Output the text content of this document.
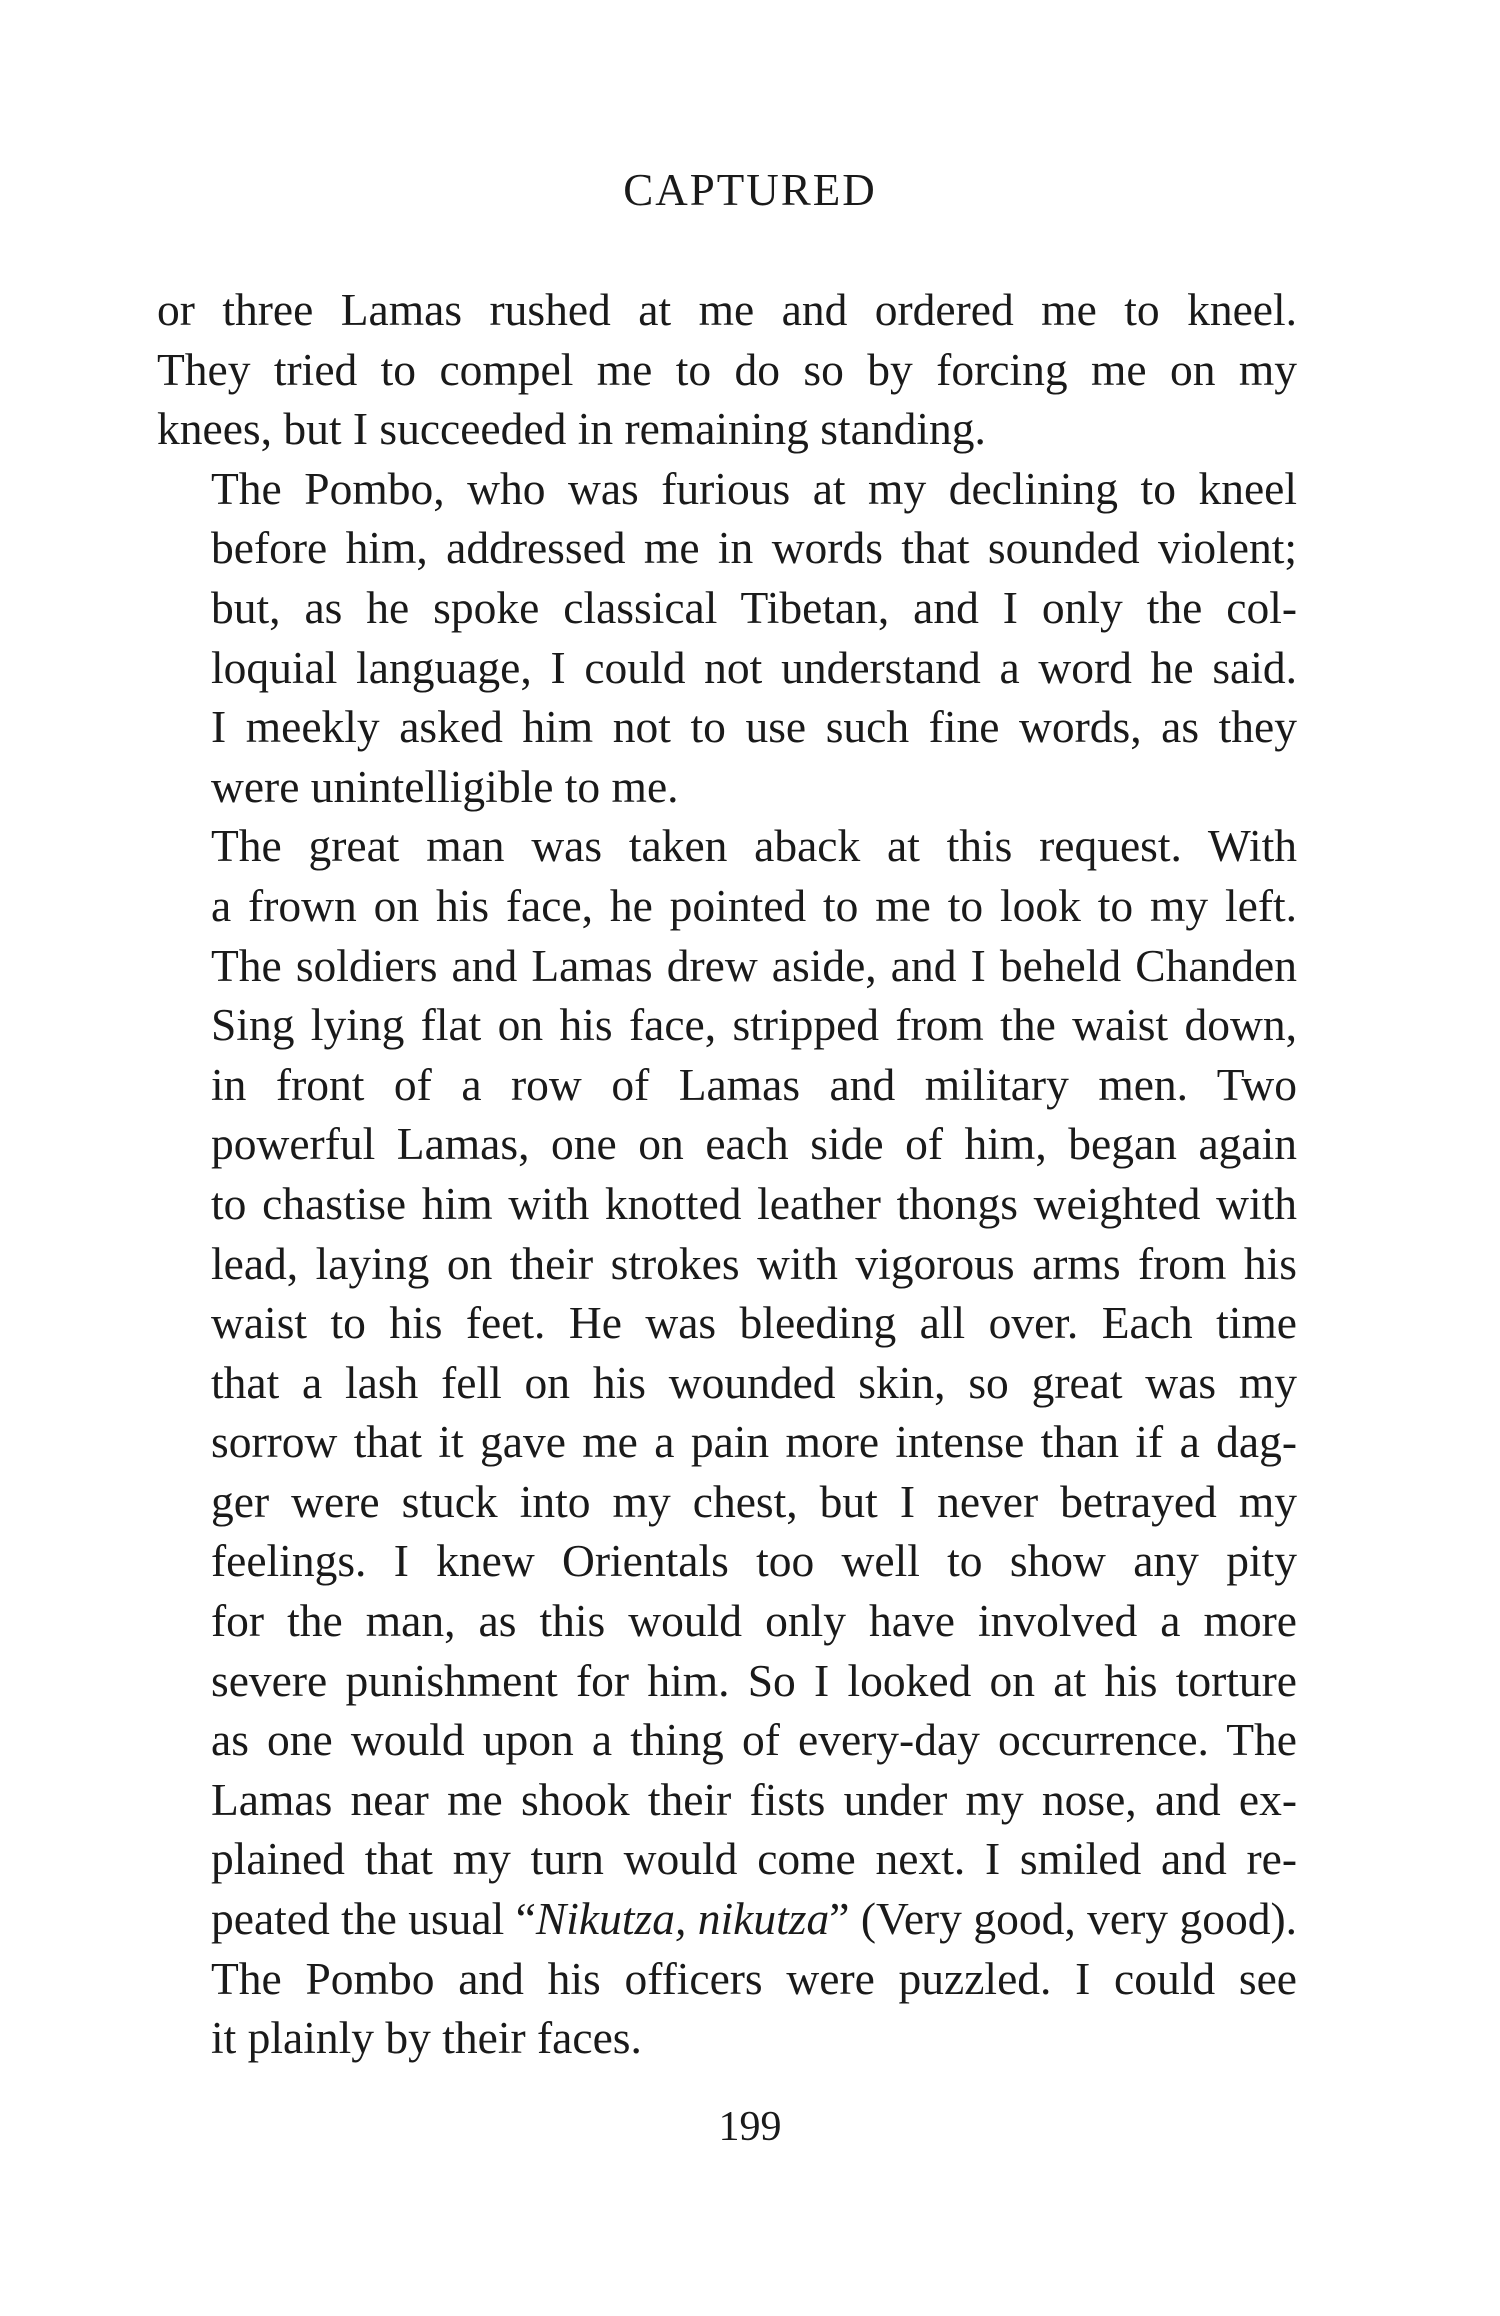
CAPTURED

or three Lamas rushed at me and ordered me to kneel.
They tried to compel me to do so by forcing me on my
knees, but I succeeded in remaining standing.

The Pombo, who was furious at my declining to kneel
before him, addressed me in words that sounded violent;
but, as he spoke classical Tibetan, and I only the col-
loquial language, I could not understand a word he said.
I meekly asked him not to use such fine words, as they
were unintelligible to me.

The great man was taken aback at this request. With
a frown on his face, he pointed to me to look to my left.
The soldiers and Lamas drew aside, and I beheld Chanden
Sing lying flat on his face, stripped from the waist down,
in front of a row of Lamas and military men. Two
powerful Lamas, one on each side of him, began again
to chastise him with knotted leather thongs weighted with
lead, laying on their strokes with vigorous arms from his
waist to his feet. He was bleeding all over. Each time
that a lash fell on his wounded skin, so great was my
sorrow that it gave me a pain more intense than if a dag-
ger were stuck into my chest, but I never betrayed my
feelings. I knew Orientals too well to show any pity
for the man, as this would only have involved a more
severe punishment for him. So I looked on at his torture
as one would upon a thing of every-day occurrence. The
Lamas near me shook their fists under my nose, and ex-
plained that my turn would come next. I smiled and re-
peated the usual “Nikutza, nikutza” (Very good, very good).

The Pombo and his officers were puzzled. I could see
it plainly by their faces.

199
